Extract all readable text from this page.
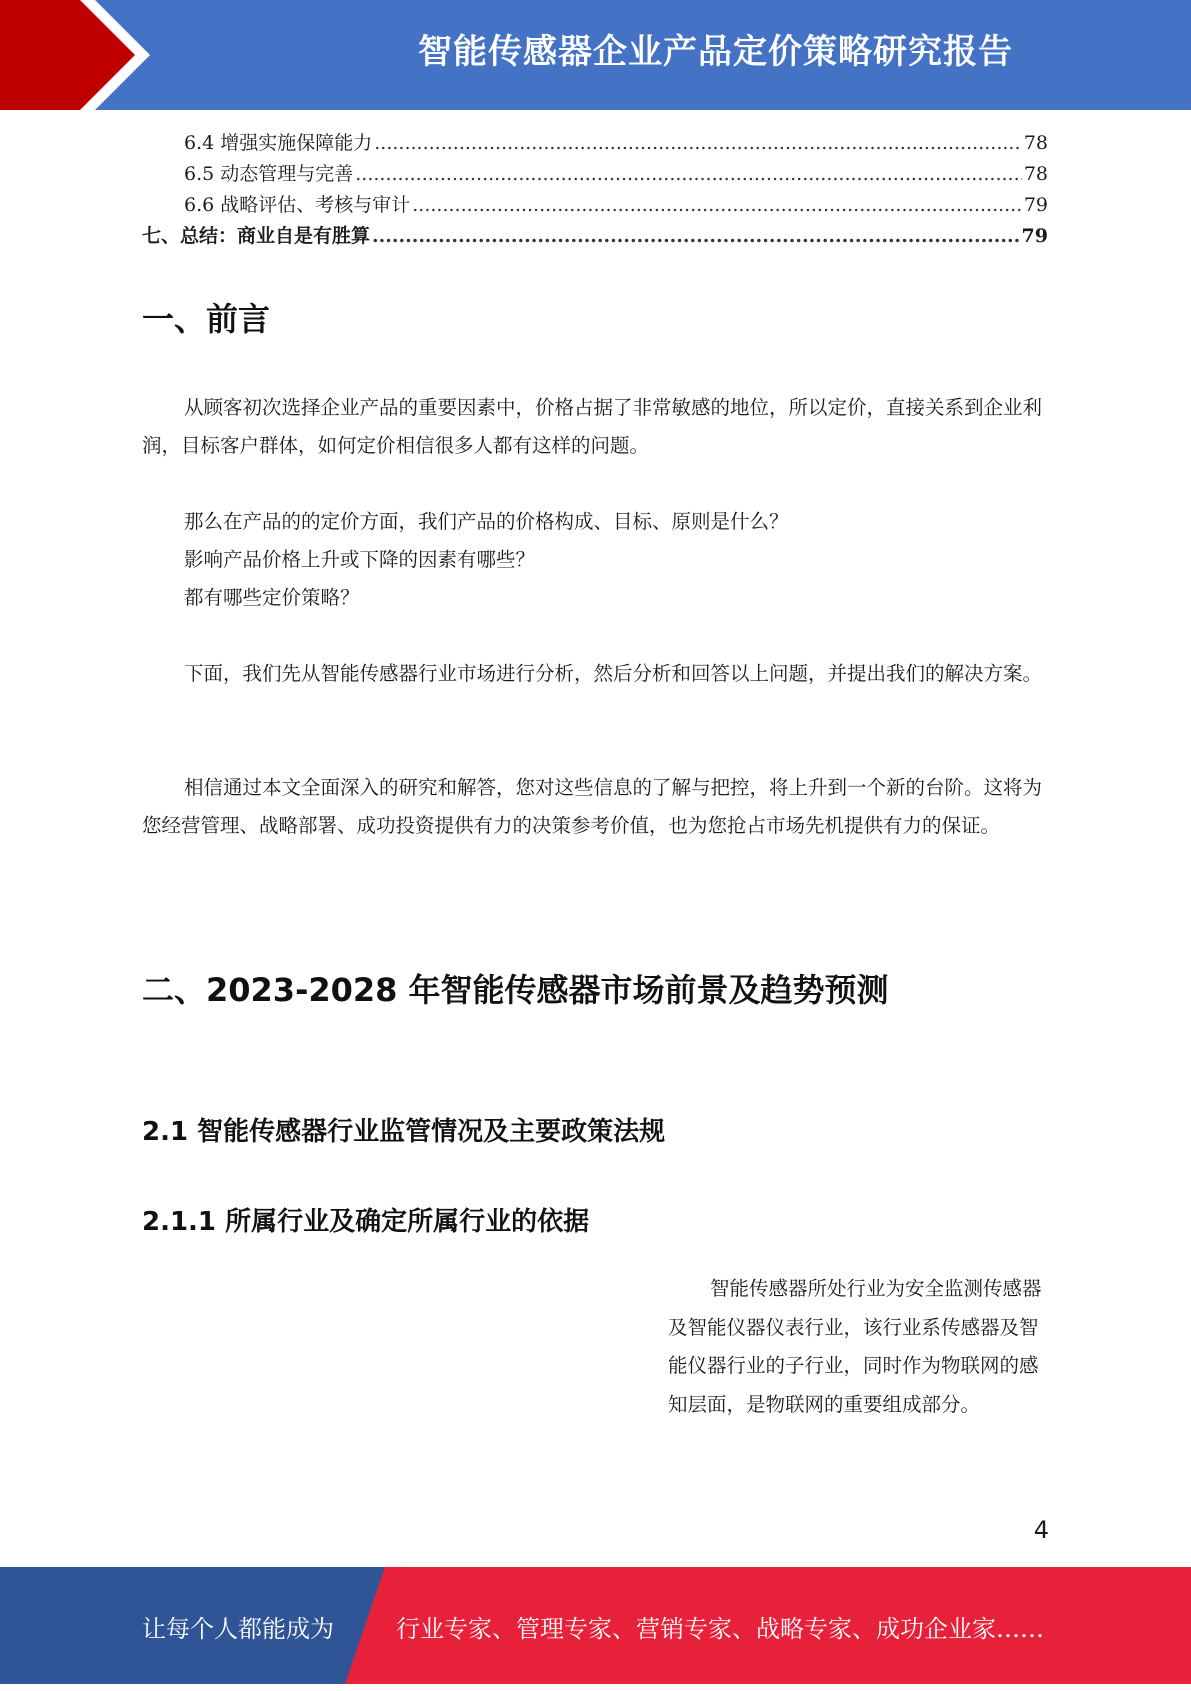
智能传感器企业产品定价策略研究报告
6.4 增强实施保障能力 .....	78
6.5 动态管理与完善 .....	78
6.6 战略评估、考核与审计 .....	79
七、总结：商业自是有胜算 .....	79
一、前言

从顾客初次选择企业产品的重要因素中，价格占据了非常敏感的地位，所以定价，直接关系到企业利润，目标客户群体，如何定价相信很多人都有这样的问题。

那么在产品的的定价方面，我们产品的价格构成、目标、原则是什么？

影响产品价格上升或下降的因素有哪些？

都有哪些定价策略？

下面，我们先从智能传感器行业市场进行分析，然后分析和回答以上问题，并提出我们的解决方案。

相信通过本文全面深入的研究和解答，您对这些信息的了解与把控，将上升到一个新的台阶。这将为您经营管理、战略部署、成功投资提供有力的决策参考价值，也为您抢占市场先机提供有力的保证。

二、2023-2028 年智能传感器市场前景及趋势预测
2.1 智能传感器行业监管情况及主要政策法规
2.1.1 所属行业及确定所属行业的依据

智能传感器所处行业为安全监测传感器及智能仪器仪表行业，该行业系传感器及智能仪器行业的子行业，同时作为物联网的感知层面，是物联网的重要组成部分。

4
让每个人都能成为	行业专家、管理专家、营销专家、战略专家、成功企业家……
